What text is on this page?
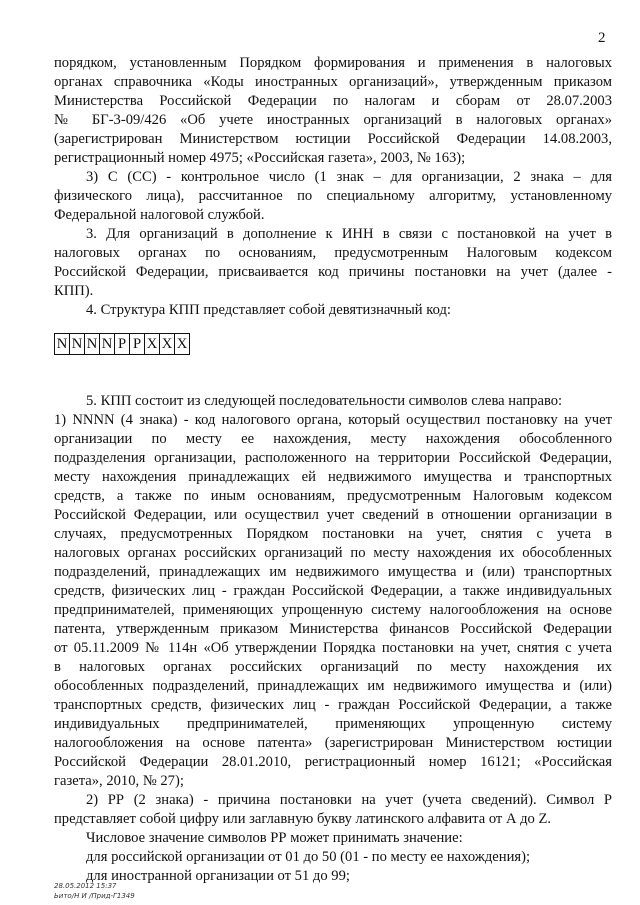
2
порядком, установленным Порядком формирования и применения в налоговых
органах справочника «Коды иностранных организаций», утвержденным приказом
Министерства Российской Федерации по налогам и сборам от 28.07.2003
№ БГ-3-09/426 «Об учете иностранных организаций в налоговых органах»
(зарегистрирован Министерством юстиции Российской Федерации 14.08.2003,
регистрационный номер 4975; «Российская газета», 2003, № 163);
3) С (СС) - контрольное число (1 знак – для организации, 2 знака – для
физического лица), рассчитанное по специальному алгоритму, установленному
Федеральной налоговой службой.
3. Для организаций в дополнение к ИНН в связи с постановкой на учет в
налоговых органах по основаниям, предусмотренным Налоговым кодексом
Российской Федерации, присваивается код причины постановки на учет (далее -
КПП).
4. Структура КПП представляет собой девятизначный код:
N N N N P P X X X
5. КПП состоит из следующей последовательности символов слева направо:
1) NNNN (4 знака) - код налогового органа, который осуществил постановку на учет
организации по месту ее нахождения, месту нахождения обособленного
подразделения организации, расположенного на территории Российской Федерации,
месту нахождения принадлежащих ей недвижимого имущества и транспортных
средств, а также по иным основаниям, предусмотренным Налоговым кодексом
Российской Федерации, или осуществил учет сведений в отношении организации в
случаях, предусмотренных Порядком постановки на учет, снятия с учета в
налоговых органах российских организаций по месту нахождения их обособленных
подразделений, принадлежащих им недвижимого имущества и (или) транспортных
средств, физических лиц - граждан Российской Федерации, а также индивидуальных
предпринимателей, применяющих упрощенную систему налогообложения на основе
патента, утвержденным приказом Министерства финансов Российской Федерации
от 05.11.2009 № 114н «Об утверждении Порядка постановки на учет, снятия с учета
в налоговых органах российских организаций по месту нахождения их
обособленных подразделений, принадлежащих им недвижимого имущества и (или)
транспортных средств, физических лиц - граждан Российской Федерации, а также
индивидуальных предпринимателей, применяющих упрощенную систему
налогообложения на основе патента» (зарегистрирован Министерством юстиции
Российской Федерации 28.01.2010, регистрационный номер 16121; «Российская
газета», 2010, № 27);
2) РР (2 знака) - причина постановки на учет (учета сведений). Символ Р
представляет собой цифру или заглавную букву латинского алфавита от А до Z.
Числовое значение символов РР может принимать значение:
для российской организации от 01 до 50 (01 - по месту ее нахождения);
для иностранной организации от 51 до 99;
28.05.2012 15:37
Ьито/Н И /Прид-Г1349
